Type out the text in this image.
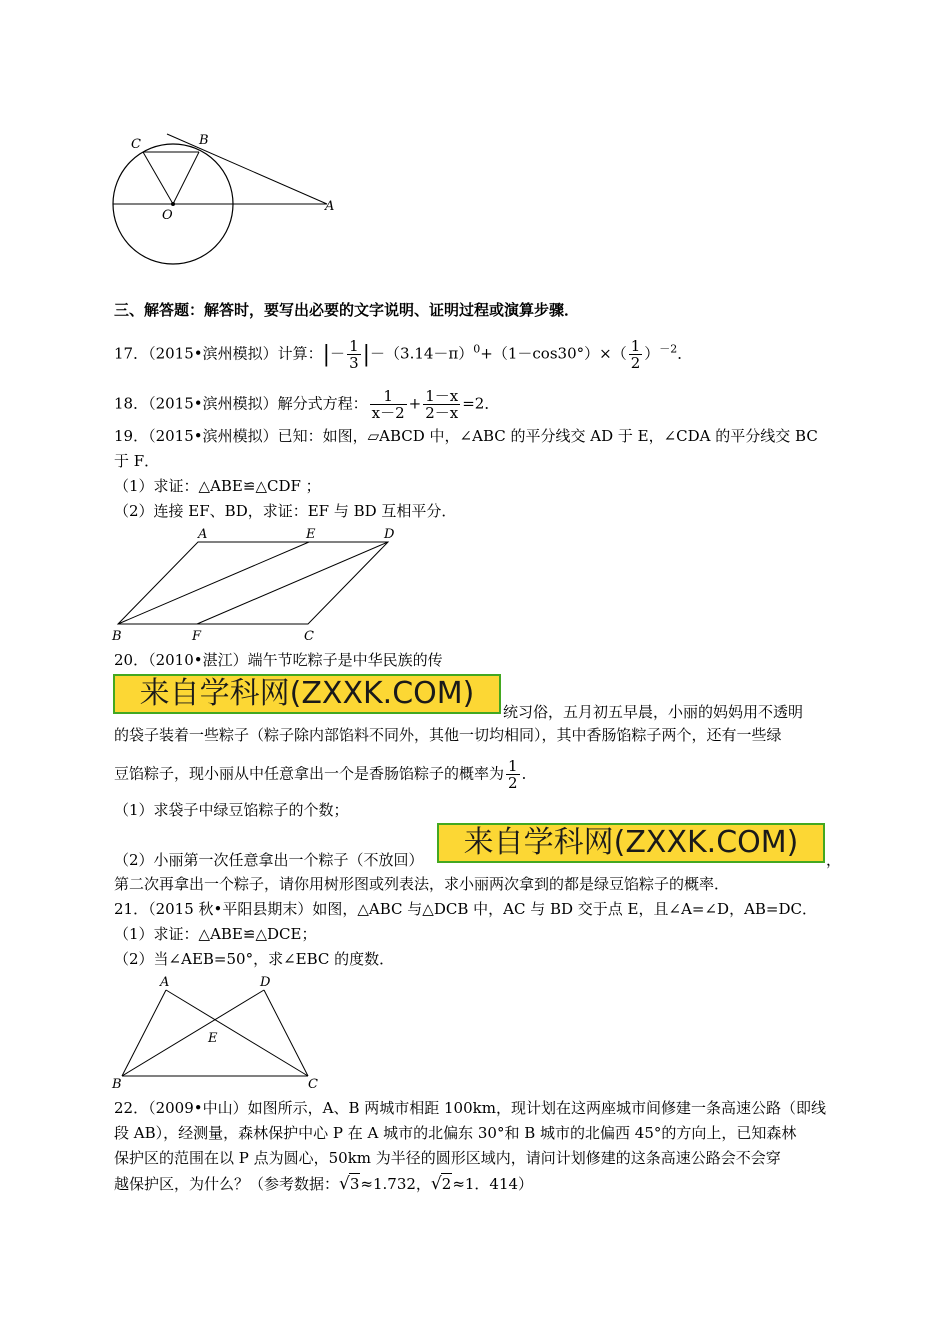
C	B
O
A
三、解答题：解答时，要写出必要的文字说明、证明过程或演算步骤．
17．（2015•滨州模拟）计算：|－ $\frac{1}{3} |-(3.14-\pi)^0+(1-\cos 30^\circ)\times( \frac{1}{2} )^{-2}$．
18．（2015•滨州模拟）解分式方程： $\frac{1}{x-2} + \frac{1-x}{2-x} =2$．
19．（2015•滨州模拟）已知：如图，▱ABCD 中，∠ABC 的平分线交 AD 于 E，∠CDA 的平分线交 BC
于 F．
（1）求证：△ABE≌△CDF ；
（2）连接 EF、BD，求证：EF 与 BD 互相平分．
A	E	D
B	F	C
20．（2010•湛江）端午节吃粽子是中华民族的传
来自学科网(ZXXK.COM)
统习俗，五月初五早晨，小丽的妈妈用不透明
的袋子装着一些粽子（粽子除内部馅料不同外，其他一切均相同），其中香肠馅粽子两个，还有一些绿
豆馅粽子，现小丽从中任意拿出一个是香肠馅粽子的概率为 $\frac{1}{2}$ ．
（1）求袋子中绿豆馅粽子的个数；
（2）小丽第一次任意拿出一个粽子（不放回）	来自学科网(ZXXK.COM)	，
第二次再拿出一个粽子，请你用树形图或列表法，求小丽两次拿到的都是绿豆馅粽子的概率．
21．（2015 秋•平阳县期末）如图，△ABC 与△DCB 中，AC 与 BD 交于点 E，且∠A=∠D，AB=DC．
（1）求证：△ABE≌△DCE；
（2）当∠AEB=50°，求∠EBC 的度数．
A	D
E
B	C
22．（2009•中山）如图所示，A、B 两城市相距 100km，现计划在这两座城市间修建一条高速公路（即线
段 AB），经测量，森林保护中心 P 在 A 城市的北偏东 30°和 B 城市的北偏西 45°的方向上，已知森林
保护区的范围在以 P 点为圆心，50km 为半径的圆形区域内，请问计划修建的这条高速公路会不会穿
越保护区，为什么？（参考数据：√3≈1.732，√2≈1．414）
